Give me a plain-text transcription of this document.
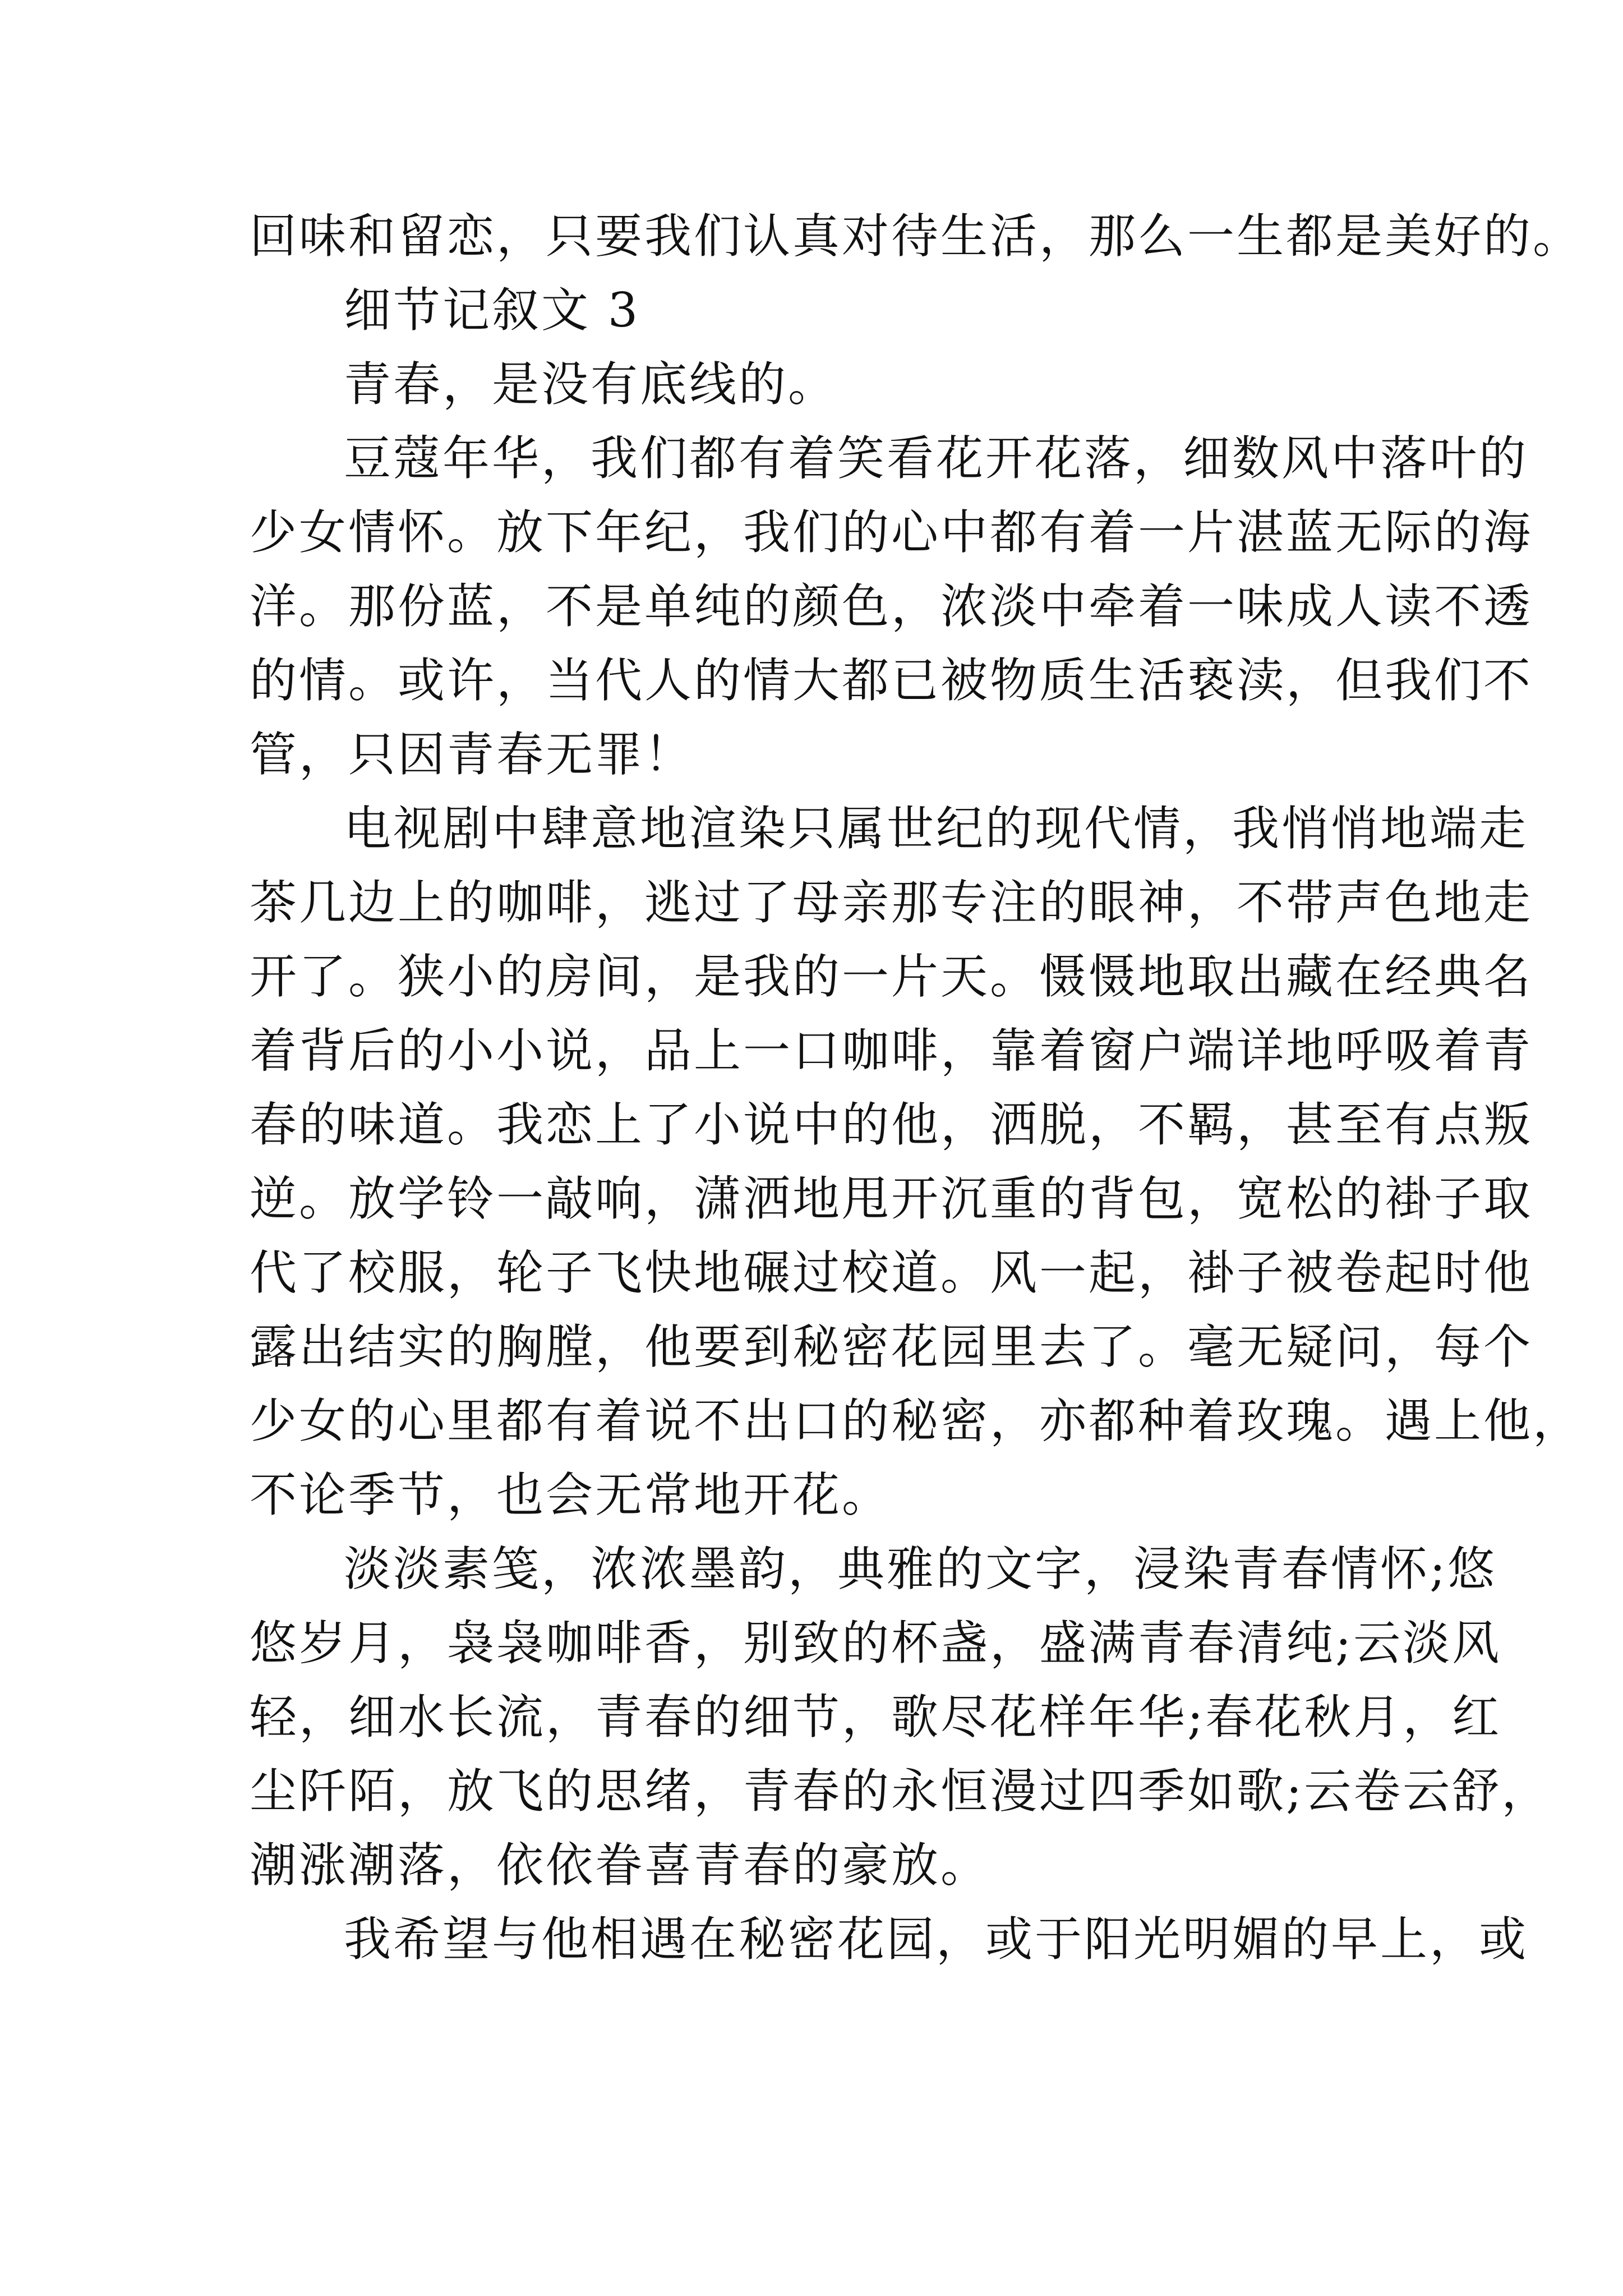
回味和留恋，只要我们认真对待生活，那么一生都是美好的。
细节记叙文 3
青春，是没有底线的。
豆蔻年华，我们都有着笑看花开花落，细数风中落叶的
少女情怀。放下年纪，我们的心中都有着一片湛蓝无际的海
洋。那份蓝，不是单纯的颜色，浓淡中牵着一味成人读不透
的情。或许，当代人的情大都已被物质生活亵渎，但我们不
管，只因青春无罪！
电视剧中肆意地渲染只属世纪的现代情，我悄悄地端走
茶几边上的咖啡，逃过了母亲那专注的眼神，不带声色地走
开了。狭小的房间，是我的一片天。慑慑地取出藏在经典名
着背后的小小说，品上一口咖啡，靠着窗户端详地呼吸着青
春的味道。我恋上了小说中的他，洒脱，不羁，甚至有点叛
逆。放学铃一敲响，潇洒地甩开沉重的背包，宽松的褂子取
代了校服，轮子飞快地碾过校道。风一起，褂子被卷起时他
露出结实的胸膛，他要到秘密花园里去了。毫无疑问，每个
少女的心里都有着说不出口的秘密，亦都种着玫瑰。遇上他，
不论季节，也会无常地开花。
淡淡素笺，浓浓墨韵，典雅的文字，浸染青春情怀;悠
悠岁月，袅袅咖啡香，别致的杯盏，盛满青春清纯;云淡风
轻，细水长流，青春的细节，歌尽花样年华;春花秋月，红
尘阡陌，放飞的思绪，青春的永恒漫过四季如歌;云卷云舒，
潮涨潮落，依依眷喜青春的豪放。
我希望与他相遇在秘密花园，或于阳光明媚的早上，或
